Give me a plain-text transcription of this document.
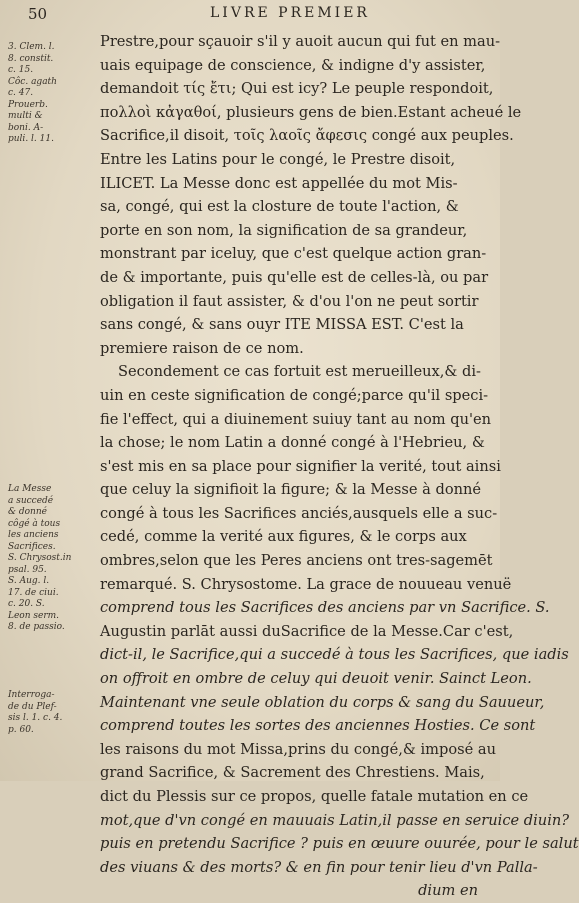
50	LIVRE PREMIER
3. Clem. l.
8. constit.
c. 15.
Côc. agath
c. 47.
Prouerb.
multi &
boni. A-
puli. l. 11.
La Messe
a succedé
& donné
côgé à tous
les anciens
Sacrifices.
S. Chrysost.in
psal. 95.
S. Aug. l.
17. de ciui.
c. 20. S.
Leon serm.
8. de passio.
Interroga-
de du Plef-
sis l. 1. c. 4.
p. 60.
Prestre,pour sçauoir s'il y auoit aucun qui fut en mau-
uais equipage de conscience, & indigne d'y assister,
demandoit τίς ἔτι; Qui est icy? Le peuple respondoit,
πολλοὶ κἀγαθοί, plusieurs gens de bien.Estant acheué le
Sacrifice,il disoit, τοῖς λαοῖς ἄφεσις congé aux peuples.
Entre les Latins pour le congé, le Prestre disoit,
ILICET. La Messe donc est appellée du mot Mis-
sa, congé, qui est la closture de toute l'action, &
porte en son nom, la signification de sa grandeur,
monstrant par iceluy, que c'est quelque action gran-
de & importante, puis qu'elle est de celles-là, ou par
obligation il faut assister, & d'ou l'on ne peut sortir
sans congé, & sans ouyr ITE MISSA EST. C'est la
premiere raison de ce nom.
Secondement ce cas fortuit est merueilleux,& di-
uin en ceste signification de congé;parce qu'il speci-
fie l'effect, qui a diuinement suiuy tant au nom qu'en
la chose; le nom Latin a donné congé à l'Hebrieu, &
s'est mis en sa place pour signifier la verité, tout ainsi
que celuy la signifioit la figure; & la Messe à donné
congé à tous les Sacrifices anciés,ausquels elle a suc-
cedé, comme la verité aux figures, & le corps aux
ombres,selon que les Peres anciens ont tres-sagemēt
remarqué. S. Chrysostome. La grace de nouueau venuë
comprend tous les Sacrifices des anciens par vn Sacrifice. S.
Augustin parlāt aussi duSacrifice de la Messe.Car c'est,
dict-il, le Sacrifice,qui a succedé à tous les Sacrifices, que iadis
on offroit en ombre de celuy qui deuoit venir. Sainct Leon.
Maintenant vne seule oblation du corps & sang du Sauueur,
comprend toutes les sortes des anciennes Hosties. Ce sont
les raisons du mot Missa,prins du congé,& imposé au
grand Sacrifice, & Sacrement des Chrestiens. Mais,
dict du Plessis sur ce propos, quelle fatale mutation en ce
mot,que d'vn congé en mauuais Latin,il passe en seruice diuin?
puis en pretendu Sacrifice ? puis en œuure ouurée, pour le salut
des viuans & des morts? & en fin pour tenir lieu d'vn Palla-
dium en
